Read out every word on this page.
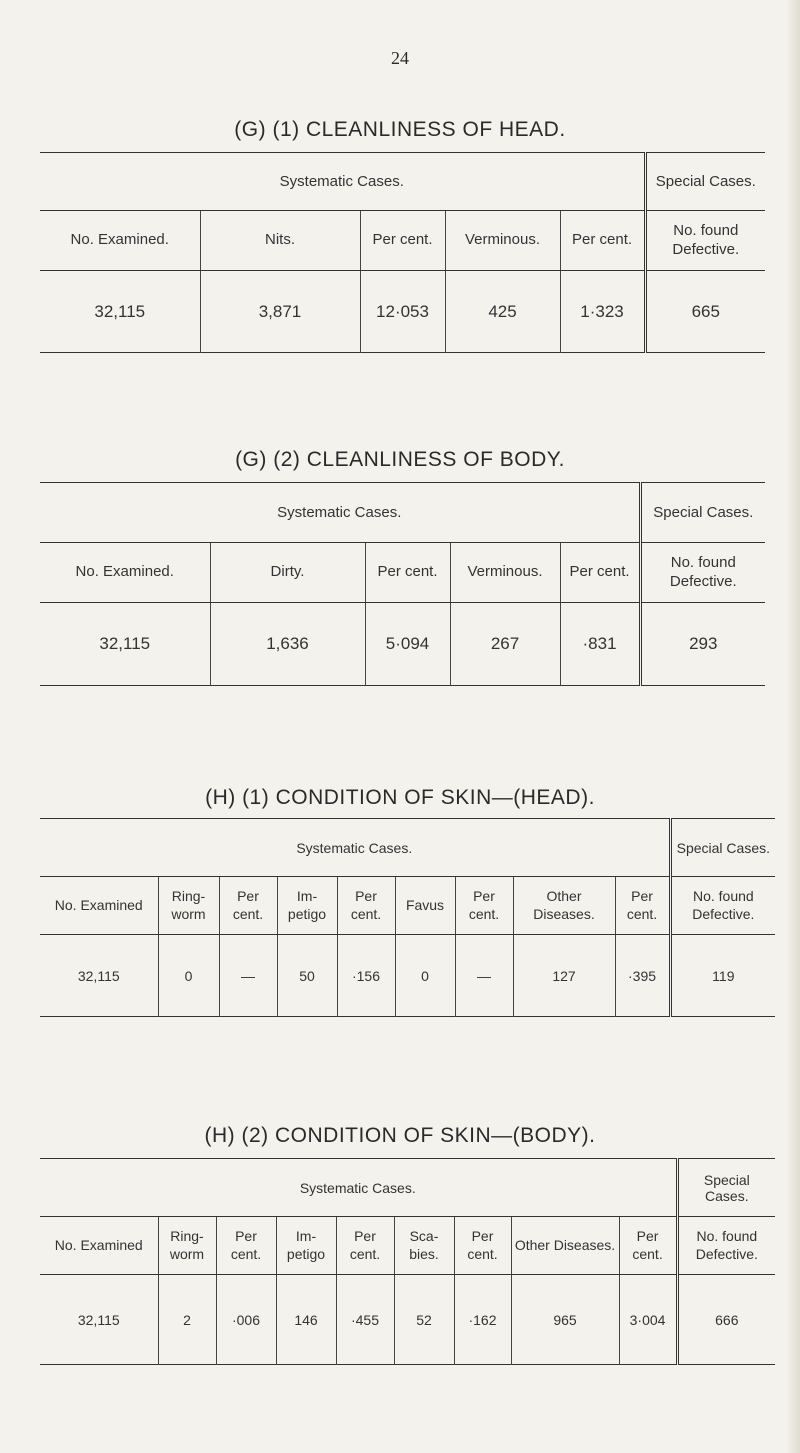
24
(G) (1) CLEANLINESS OF HEAD.
Systematic Cases.					Special Cases.
No. Examined.	Nits.	Per cent.	Verminous.	Per cent.	No. found Defective.
32,115	3,871	12·053	425	1·323	665
(G) (2) CLEANLINESS OF BODY.
Systematic Cases.					Special Cases.
No. Examined.	Dirty.	Per cent.	Verminous.	Per cent.	No. found Defective.
32,115	1,636	5·094	267	·831	293
(H) (1) CONDITION OF SKIN—(HEAD).
Systematic Cases.									Special Cases.
No. Examined	Ring- worm	Per cent.	Im- petigo	Per cent.	Favus	Per cent.	Other Diseases.	Per cent.	No. found Defective.
32,115	0	—	50	·156	0	—	127	·395	119
(H) (2) CONDITION OF SKIN—(BODY).
Systematic Cases.									Special Cases.
No. Examined	Ring- worm	Per cent.	Im- petigo	Per cent.	Sca- bies.	Per cent.	Other Diseases.	Per cent.	No. found Defective.
32,115	2	·006	146	·455	52	·162	965	3·004	666
